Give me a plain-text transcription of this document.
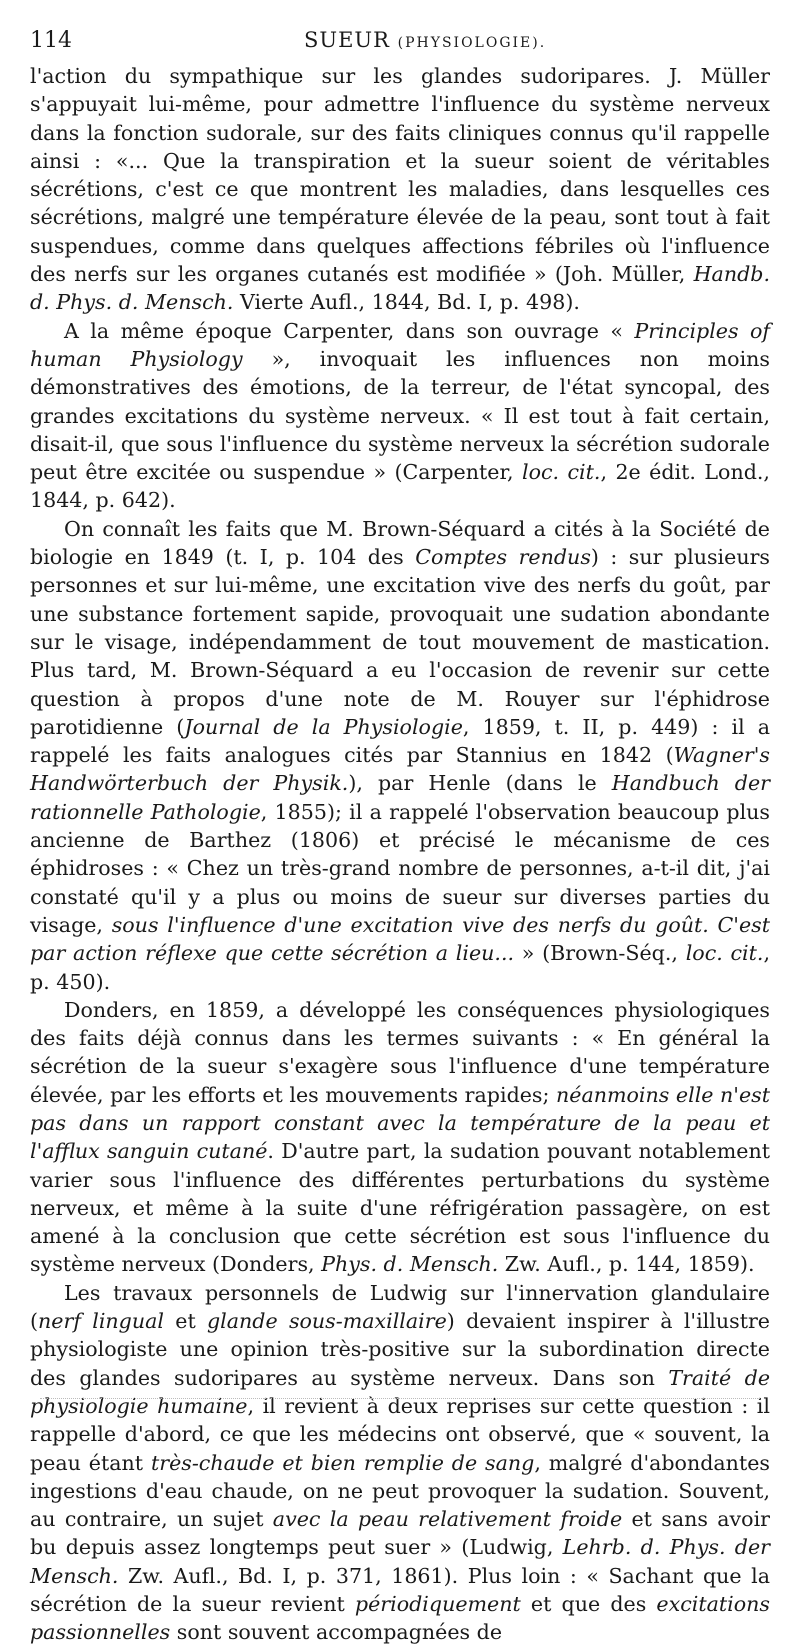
114	SUEUR (PHYSIOLOGIE).

l'action du sympathique sur les glandes sudoripares. J. Müller s'appuyait lui-même, pour admettre l'influence du système nerveux dans la fonction sudorale, sur des faits cliniques connus qu'il rappelle ainsi : «... Que la transpiration et la sueur soient de véritables sécrétions, c'est ce que montrent les maladies, dans lesquelles ces sécrétions, malgré une température élevée de la peau, sont tout à fait suspendues, comme dans quelques affections fébriles où l'influence des nerfs sur les organes cutanés est modifiée » (Joh. Müller, Handb. d. Phys. d. Mensch. Vierte Aufl., 1844, Bd. I, p. 498).

A la même époque Carpenter, dans son ouvrage « Principles of human Physiology », invoquait les influences non moins démonstratives des émotions, de la terreur, de l'état syncopal, des grandes excitations du système nerveux. « Il est tout à fait certain, disait-il, que sous l'influence du système nerveux la sécrétion sudorale peut être excitée ou suspendue » (Carpenter, loc. cit., 2e édit. Lond., 1844, p. 642).

On connaît les faits que M. Brown-Séquard a cités à la Société de biologie en 1849 (t. I, p. 104 des Comptes rendus) : sur plusieurs personnes et sur lui-même, une excitation vive des nerfs du goût, par une substance fortement sapide, provoquait une sudation abondante sur le visage, indépendamment de tout mouvement de mastication. Plus tard, M. Brown-Séquard a eu l'occasion de revenir sur cette question à propos d'une note de M. Rouyer sur l'éphidrose parotidienne (Journal de la Physiologie, 1859, t. II, p. 449) : il a rappelé les faits analogues cités par Stannius en 1842 (Wagner's Handwörterbuch der Physik.), par Henle (dans le Handbuch der rationnelle Pathologie, 1855); il a rappelé l'observation beaucoup plus ancienne de Barthez (1806) et précisé le mécanisme de ces éphidroses : « Chez un très-grand nombre de personnes, a-t-il dit, j'ai constaté qu'il y a plus ou moins de sueur sur diverses parties du visage, sous l'influence d'une excitation vive des nerfs du goût. C'est par action réflexe que cette sécrétion a lieu... » (Brown-Séq., loc. cit., p. 450).

Donders, en 1859, a développé les conséquences physiologiques des faits déjà connus dans les termes suivants : « En général la sécrétion de la sueur s'exagère sous l'influence d'une température élevée, par les efforts et les mouvements rapides; néanmoins elle n'est pas dans un rapport constant avec la température de la peau et l'afflux sanguin cutané. D'autre part, la sudation pouvant notablement varier sous l'influence des différentes perturbations du système nerveux, et même à la suite d'une réfrigération passagère, on est amené à la conclusion que cette sécrétion est sous l'influence du système nerveux (Donders, Phys. d. Mensch. Zw. Aufl., p. 144, 1859).

Les travaux personnels de Ludwig sur l'innervation glandulaire (nerf lingual et glande sous-maxillaire) devaient inspirer à l'illustre physiologiste une opinion très-positive sur la subordination directe des glandes sudoripares au système nerveux. Dans son Traité de physiologie humaine, il revient à deux reprises sur cette question : il rappelle d'abord, ce que les médecins ont observé, que « souvent, la peau étant très-chaude et bien remplie de sang, malgré d'abondantes ingestions d'eau chaude, on ne peut provoquer la sudation. Souvent, au contraire, un sujet avec la peau relativement froide et sans avoir bu depuis assez longtemps peut suer » (Ludwig, Lehrb. d. Phys. der Mensch. Zw. Aufl., Bd. I, p. 371, 1861). Plus loin : « Sachant que la sécrétion de la sueur revient périodiquement et que des excitations passionnelles sont souvent accompagnées de
